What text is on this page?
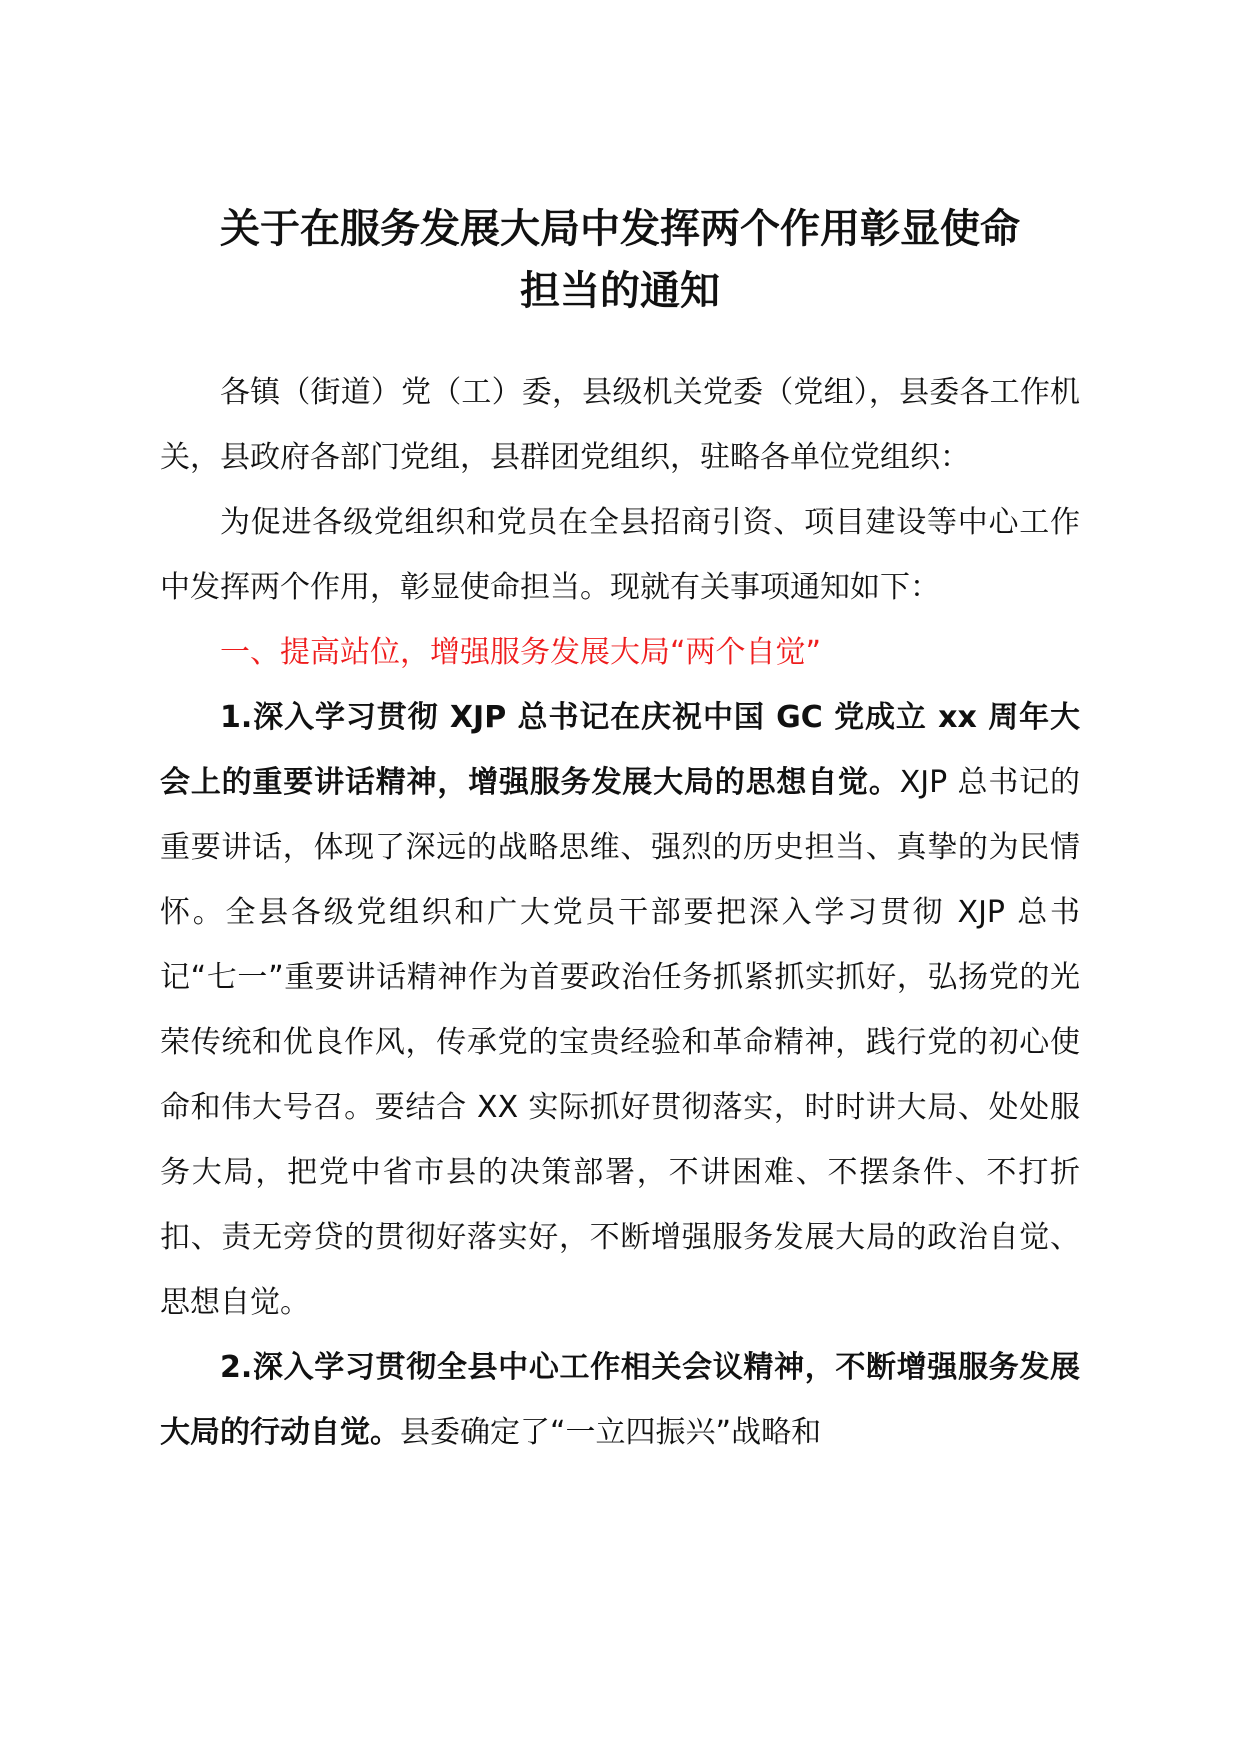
关于在服务发展大局中发挥两个作用彰显使命
担当的通知

各镇（街道）党（工）委，县级机关党委（党组），县委各工作机关，县政府各部门党组，县群团党组织，驻略各单位党组织：

为促进各级党组织和党员在全县招商引资、项目建设等中心工作中发挥两个作用，彰显使命担当。现就有关事项通知如下：

一、提高站位，增强服务发展大局“两个自觉”

1.深入学习贯彻 XJP 总书记在庆祝中国 GC 党成立 xx 周年大会上的重要讲话精神，增强服务发展大局的思想自觉。XJP 总书记的重要讲话，体现了深远的战略思维、强烈的历史担当、真挚的为民情怀。全县各级党组织和广大党员干部要把深入学习贯彻 XJP 总书记“七一”重要讲话精神作为首要政治任务抓紧抓实抓好，弘扬党的光荣传统和优良作风，传承党的宝贵经验和革命精神，践行党的初心使命和伟大号召。要结合 XX 实际抓好贯彻落实，时时讲大局、处处服务大局，把党中省市县的决策部署，不讲困难、不摆条件、不打折扣、责无旁贷的贯彻好落实好，不断增强服务发展大局的政治自觉、思想自觉。

2.深入学习贯彻全县中心工作相关会议精神，不断增强服务发展大局的行动自觉。县委确定了“一立四振兴”战略和
